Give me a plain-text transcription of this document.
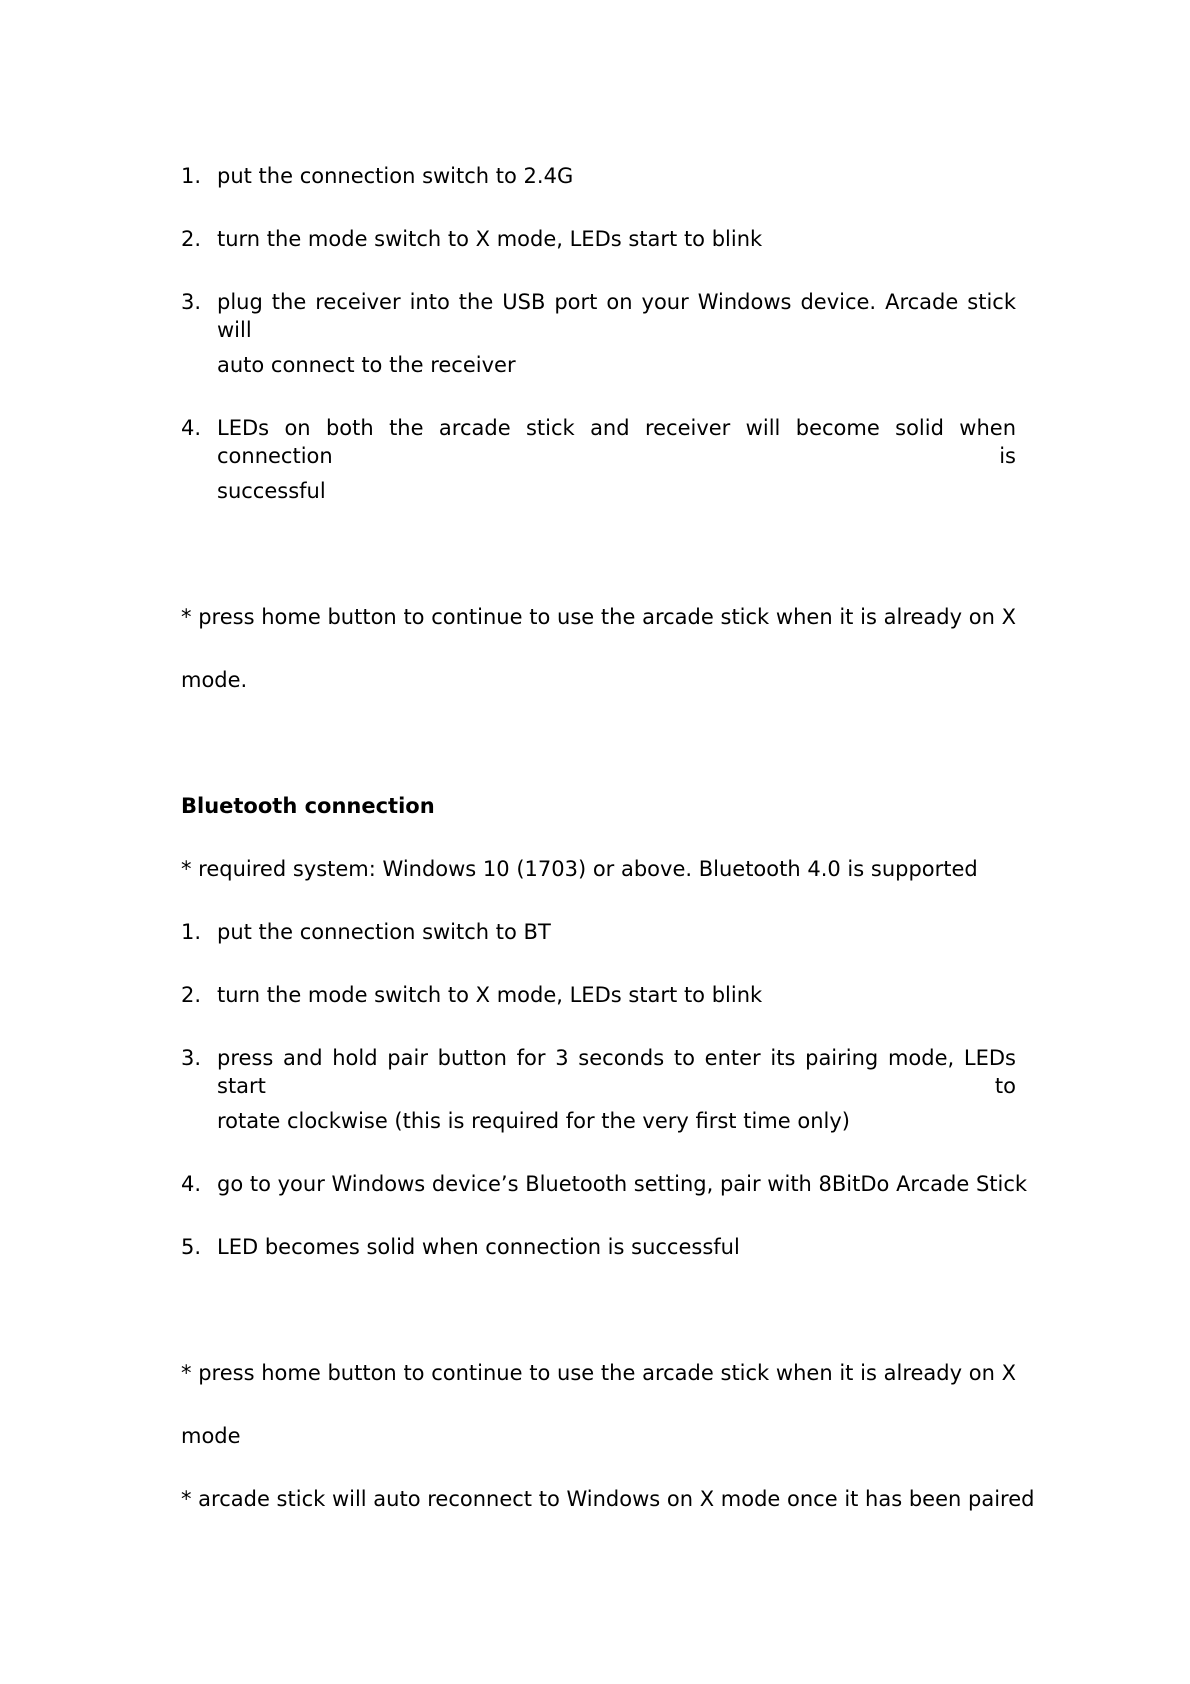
1. put the connection switch to 2.4G
2. turn the mode switch to X mode, LEDs start to blink
3. plug the receiver into the USB port on your Windows device. Arcade stick will
auto connect to the receiver
4. LEDs on both the arcade stick and receiver will become solid when connection is
successful
* press home button to continue to use the arcade stick when it is already on X
mode.
Bluetooth connection
* required system: Windows 10 (1703) or above. Bluetooth 4.0 is supported
1. put the connection switch to BT
2. turn the mode switch to X mode, LEDs start to blink
3. press and hold pair button for 3 seconds to enter its pairing mode, LEDs start to
rotate clockwise (this is required for the very first time only)
4. go to your Windows device’s Bluetooth setting, pair with 8BitDo Arcade Stick
5. LED becomes solid when connection is successful
* press home button to continue to use the arcade stick when it is already on X
mode
* arcade stick will auto reconnect to Windows on X mode once it has been paired
